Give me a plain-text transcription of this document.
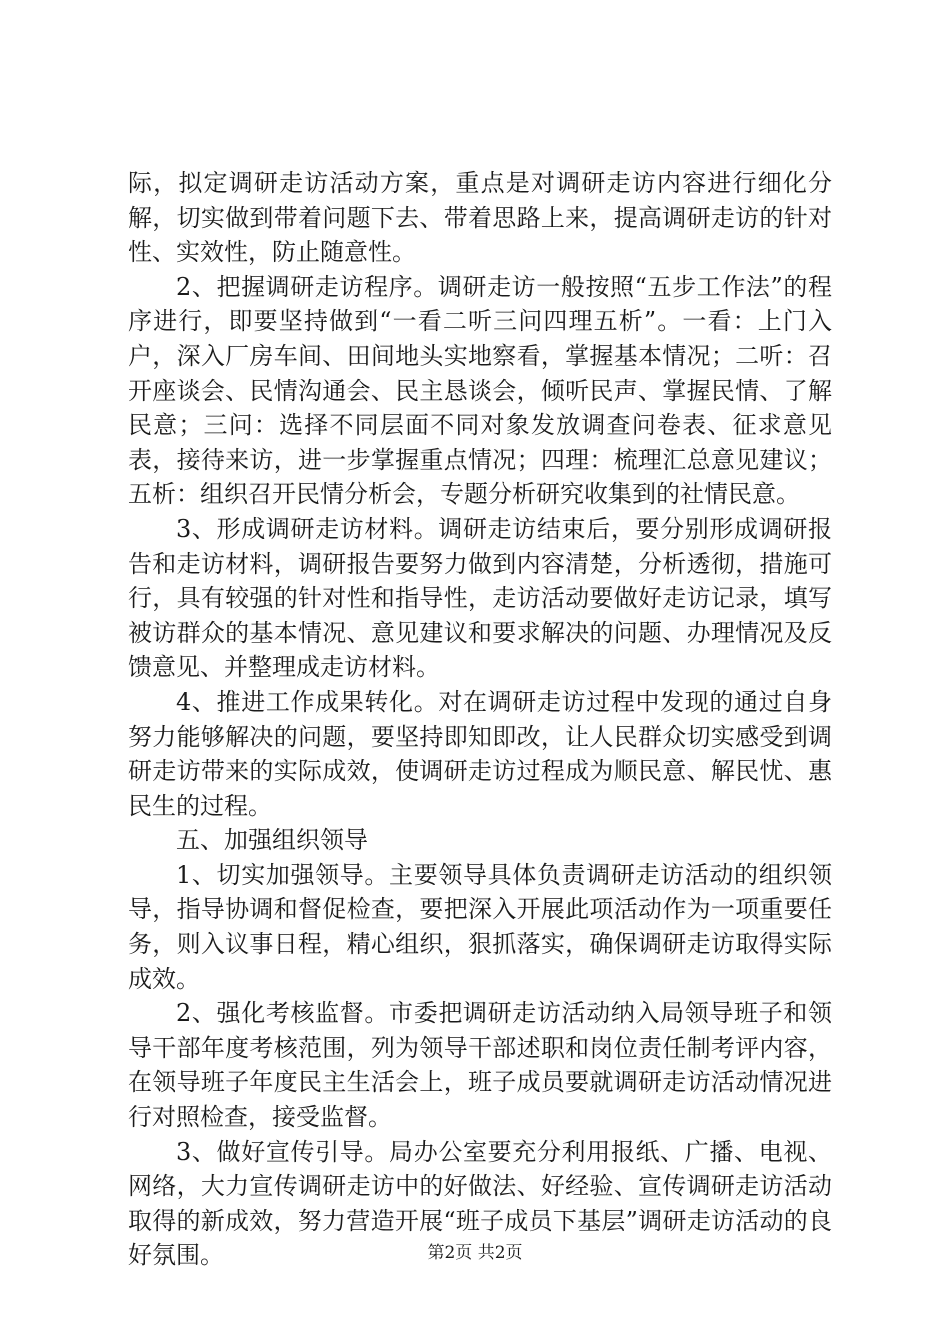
际，拟定调研走访活动方案，重点是对调研走访内容进行细化分解，切实做到带着问题下去、带着思路上来，提高调研走访的针对性、实效性，防止随意性。

2、把握调研走访程序。调研走访一般按照“五步工作法”的程序进行，即要坚持做到“一看二听三问四理五析”。一看：上门入户，深入厂房车间、田间地头实地察看，掌握基本情况；二听：召开座谈会、民情沟通会、民主恳谈会，倾听民声、掌握民情、了解民意；三问：选择不同层面不同对象发放调查问卷表、征求意见表，接待来访，进一步掌握重点情况；四理：梳理汇总意见建议；五析：组织召开民情分析会，专题分析研究收集到的社情民意。

3、形成调研走访材料。调研走访结束后，要分别形成调研报告和走访材料，调研报告要努力做到内容清楚，分析透彻，措施可行，具有较强的针对性和指导性，走访活动要做好走访记录，填写被访群众的基本情况、意见建议和要求解决的问题、办理情况及反馈意见、并整理成走访材料。

4、推进工作成果转化。对在调研走访过程中发现的通过自身努力能够解决的问题，要坚持即知即改，让人民群众切实感受到调研走访带来的实际成效，使调研走访过程成为顺民意、解民忧、惠民生的过程。

五、加强组织领导

1、切实加强领导。主要领导具体负责调研走访活动的组织领导，指导协调和督促检查，要把深入开展此项活动作为一项重要任务，则入议事日程，精心组织，狠抓落实，确保调研走访取得实际成效。

2、强化考核监督。市委把调研走访活动纳入局领导班子和领导干部年度考核范围，列为领导干部述职和岗位责任制考评内容，在领导班子年度民主生活会上，班子成员要就调研走访活动情况进行对照检查，接受监督。

3、做好宣传引导。局办公室要充分利用报纸、广播、电视、网络，大力宣传调研走访中的好做法、好经验、宣传调研走访活动取得的新成效，努力营造开展“班子成员下基层”调研走访活动的良好氛围。	第2页 共2页
